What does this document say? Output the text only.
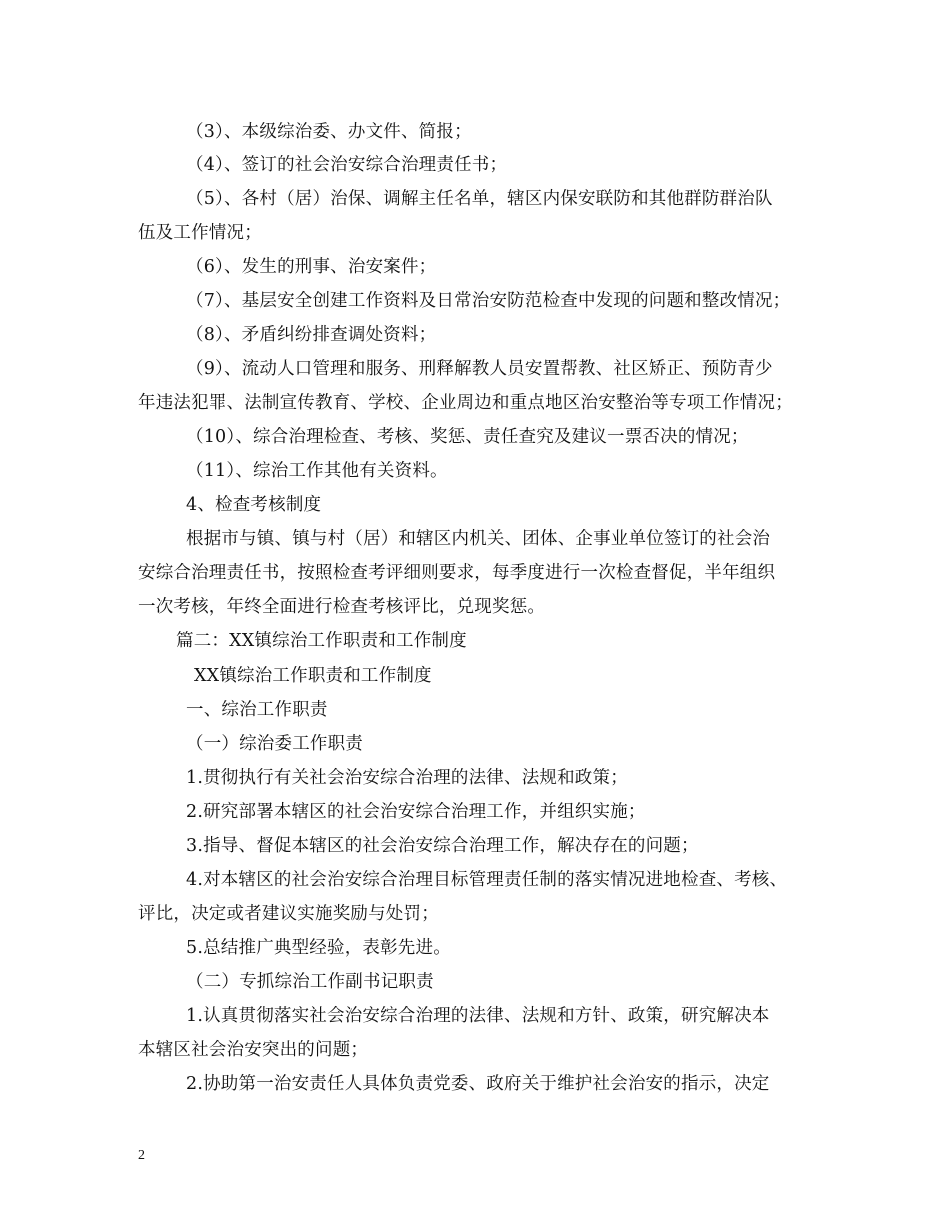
（3）、本级综治委、办文件、简报；
（4）、签订的社会治安综合治理责任书；
（5）、各村（居）治保、调解主任名单，辖区内保安联防和其他群防群治队
伍及工作情况；
（6）、发生的刑事、治安案件；
（7）、基层安全创建工作资料及日常治安防范检查中发现的问题和整改情况；
（8）、矛盾纠纷排查调处资料；
（9）、流动人口管理和服务、刑释解教人员安置帮教、社区矫正、预防青少
年违法犯罪、法制宣传教育、学校、企业周边和重点地区治安整治等专项工作情况；
（10）、综合治理检查、考核、奖惩、责任查究及建议一票否决的情况；
（11）、综治工作其他有关资料。
4、检查考核制度
根据市与镇、镇与村（居）和辖区内机关、团体、企事业单位签订的社会治
安综合治理责任书，按照检查考评细则要求，每季度进行一次检查督促，半年组织
一次考核，年终全面进行检查考核评比，兑现奖惩。
篇二：XX镇综治工作职责和工作制度
XX镇综治工作职责和工作制度
一、综治工作职责
（一）综治委工作职责
1.贯彻执行有关社会治安综合治理的法律、法规和政策；
2.研究部署本辖区的社会治安综合治理工作，并组织实施；
3.指导、督促本辖区的社会治安综合治理工作，解决存在的问题；
4.对本辖区的社会治安综合治理目标管理责任制的落实情况进地检查、考核、
评比，决定或者建议实施奖励与处罚；
5.总结推广典型经验，表彰先进。
（二）专抓综治工作副书记职责
1.认真贯彻落实社会治安综合治理的法律、法规和方针、政策，研究解决本
本辖区社会治安突出的问题；
2.协助第一治安责任人具体负责党委、政府关于维护社会治安的指示，决定
2
